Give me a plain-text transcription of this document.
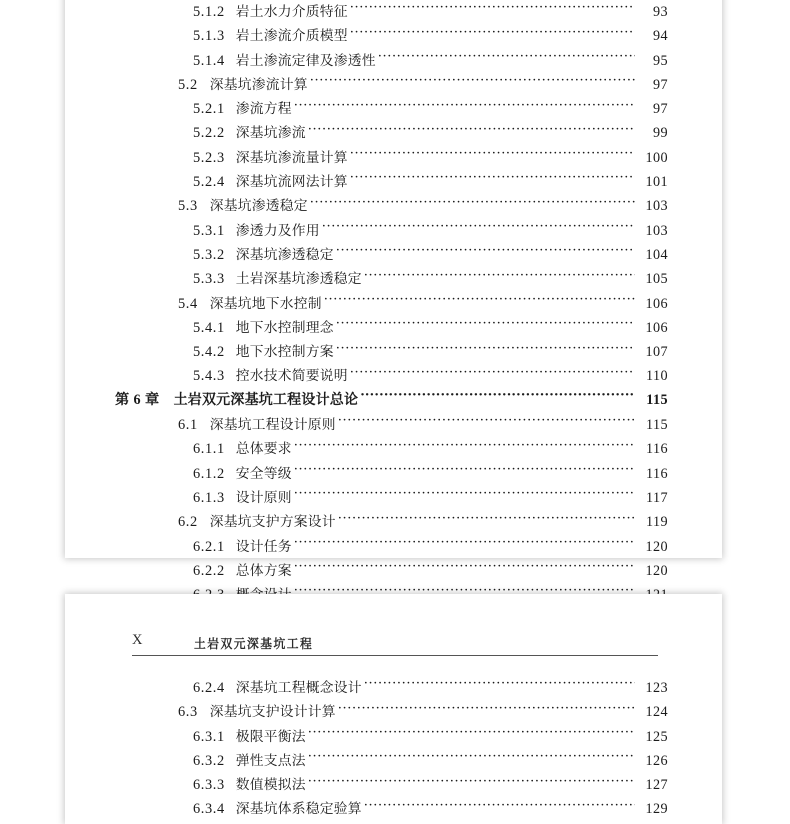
5.1.2 岩土水力介质特征 ·····	93
5.1.3 岩土渗流介质模型 ·····	94
5.1.4 岩土渗流定律及渗透性 ·····	95
5.2 深基坑渗流计算 ·····	97
5.2.1 渗流方程 ·····	97
5.2.2 深基坑渗流 ·····	99
5.2.3 深基坑渗流量计算 ·····	100
5.2.4 深基坑流网法计算 ·····	101
5.3 深基坑渗透稳定 ·····	103
5.3.1 渗透力及作用 ·····	103
5.3.2 深基坑渗透稳定 ·····	104
5.3.3 土岩深基坑渗透稳定 ·····	105
5.4 深基坑地下水控制 ·····	106
5.4.1 地下水控制理念 ·····	106
5.4.2 地下水控制方案 ·····	107
5.4.3 控水技术简要说明 ·····	110
第 6 章 土岩双元深基坑工程设计总论 ·····	115
6.1 深基坑工程设计原则 ·····	115
6.1.1 总体要求 ·····	116
6.1.2 安全等级 ·····	116
6.1.3 设计原则 ·····	117
6.2 深基坑支护方案设计 ·····	119
6.2.1 设计任务 ·····	120
6.2.2 总体方案 ·····	120
·····
X	土岩双元深基坑工程
6.2.4 深基坑工程概念设计 ·····	123
6.3 深基坑支护设计计算 ·····	124
6.3.1 极限平衡法 ·····	125
6.3.2 弹性支点法 ·····	126
6.3.3 数值模拟法 ·····	127
6.3.4 深基坑体系稳定验算 ·····	129
